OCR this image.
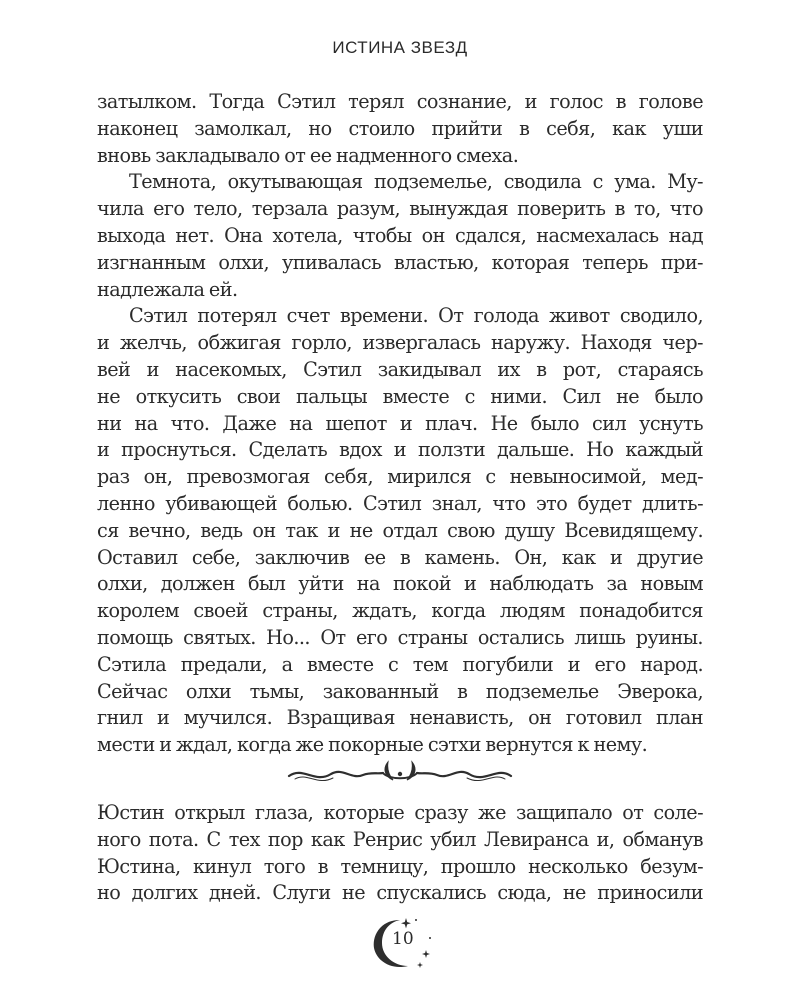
ИСТИНА ЗВЕЗД
затылком. Тогда Сэтил терял сознание, и голос в голове
наконец замолкал, но стоило прийти в себя, как уши
вновь закладывало от ее надменного смеха.
Темнота, окутывающая подземелье, сводила с ума. Му-
чила его тело, терзала разум, вынуждая поверить в то, что
выхода нет. Она хотела, чтобы он сдался, насмехалась над
изгнанным олхи, упивалась властью, которая теперь при-
надлежала ей.
Сэтил потерял счет времени. От голода живот сводило,
и желчь, обжигая горло, извергалась наружу. Находя чер-
вей и насекомых, Сэтил закидывал их в рот, стараясь
не откусить свои пальцы вместе с ними. Сил не было
ни на что. Даже на шепот и плач. Не было сил уснуть
и проснуться. Сделать вдох и ползти дальше. Но каждый
раз он, превозмогая себя, мирился с невыносимой, мед-
ленно убивающей болью. Сэтил знал, что это будет длить-
ся вечно, ведь он так и не отдал свою душу Всевидящему.
Оставил себе, заключив ее в камень. Он, как и другие
олхи, должен был уйти на покой и наблюдать за новым
королем своей страны, ждать, когда людям понадобится
помощь святых. Но... От его страны остались лишь руины.
Сэтила предали, а вместе с тем погубили и его народ.
Сейчас олхи тьмы, закованный в подземелье Эверока,
гнил и мучился. Взращивая ненависть, он готовил план
мести и ждал, когда же покорные сэтхи вернутся к нему.
Юстин открыл глаза, которые сразу же защипало от соле-
ного пота. С тех пор как Ренрис убил Левиранса и, обманув
Юстина, кинул того в темницу, прошло несколько безум-
но долгих дней. Слуги не спускались сюда, не приносили
10
